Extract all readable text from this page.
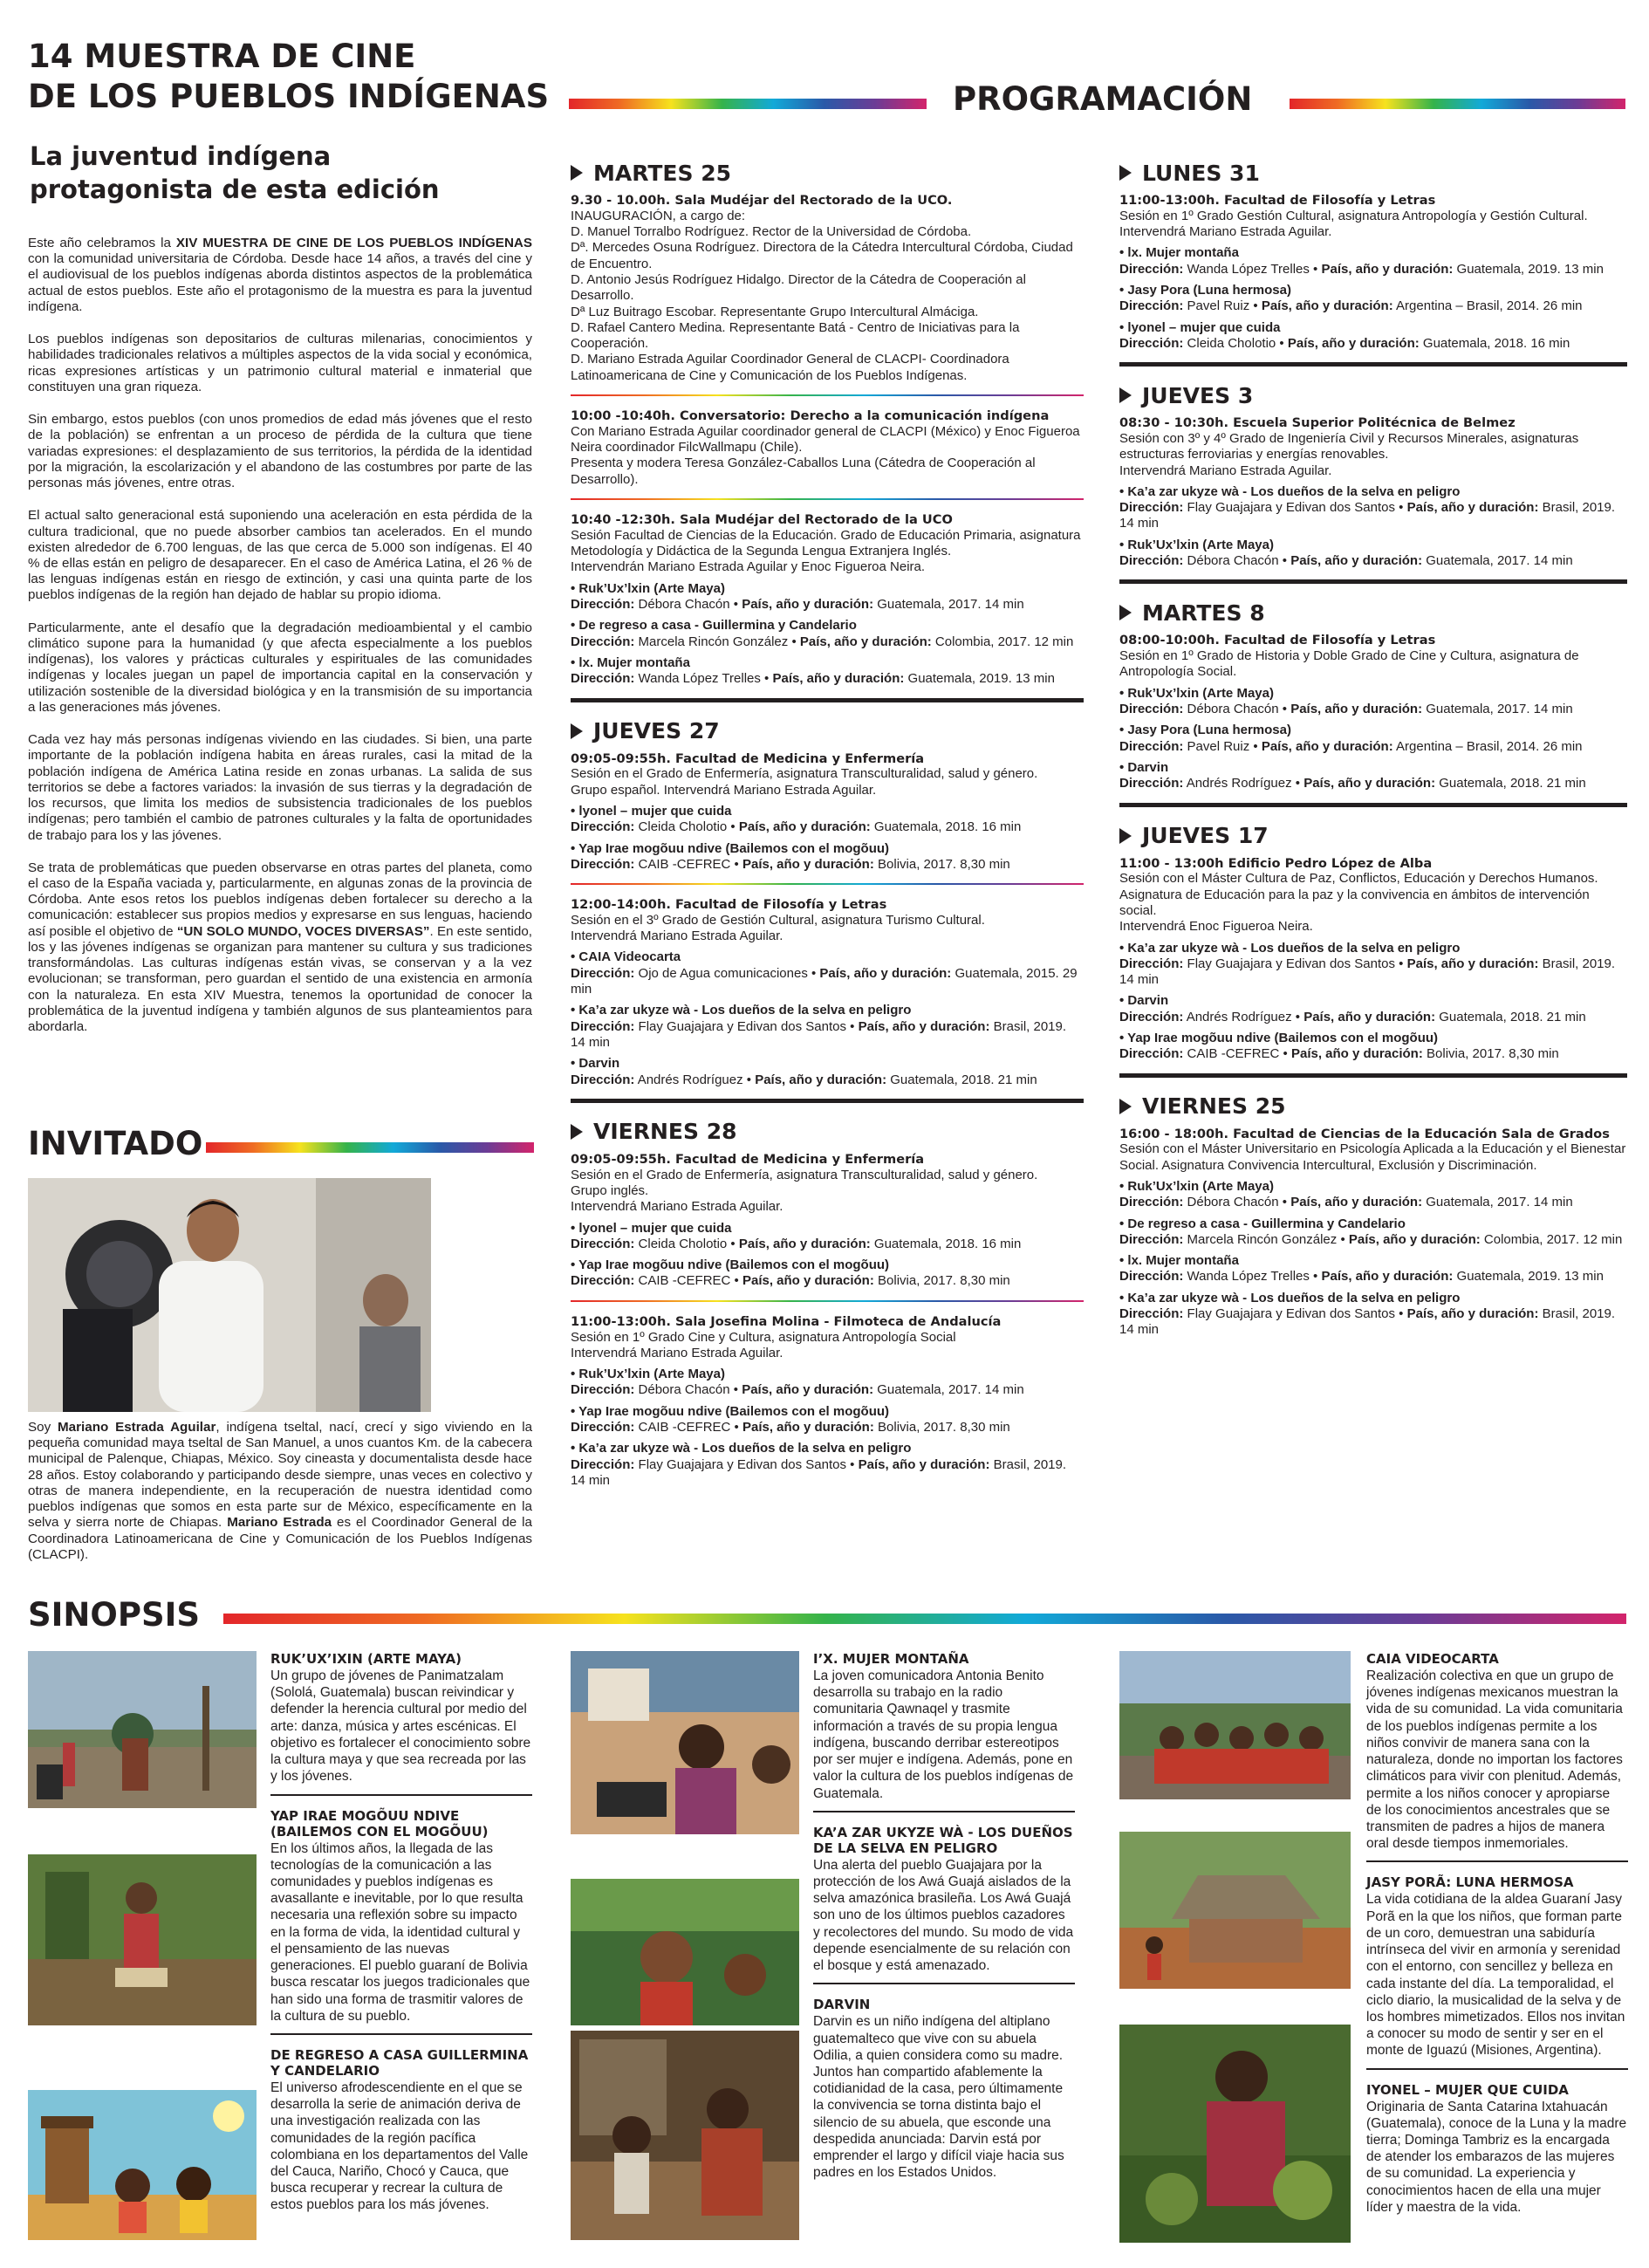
14 MUESTRA DE CINE
DE LOS PUEBLOS INDÍGENAS	PROGRAMACIÓN
La juventud indígena
protagonista de esta edición

Este año celebramos la XIV MUESTRA DE CINE DE LOS PUEBLOS INDÍGENAS con la comunidad universitaria de Córdoba. Desde hace 14 años, a través del cine y el audiovisual de los pueblos indígenas aborda distintos aspectos de la problemática actual de estos pueblos. Este año el protagonismo de la muestra es para la juventud indígena.

Los pueblos indígenas son depositarios de culturas milenarias, conocimientos y habilidades tradicionales relativos a múltiples aspectos de la vida social y económica, ricas expresiones artísticas y un patrimonio cultural material e inmaterial que constituyen una gran riqueza.

Sin embargo, estos pueblos (con unos promedios de edad más jóvenes que el resto de la población) se enfrentan a un proceso de pérdida de la cultura que tiene variadas expresiones: el desplazamiento de sus territorios, la pérdida de la identidad por la migración, la escolarización y el abandono de las costumbres por parte de las personas más jóvenes, entre otras.

El actual salto generacional está suponiendo una aceleración en esta pérdida de la cultura tradicional, que no puede absorber cambios tan acelerados. En el mundo existen alrededor de 6.700 lenguas, de las que cerca de 5.000 son indígenas. El 40 % de ellas están en peligro de desaparecer. En el caso de América Latina, el 26 % de las lenguas indígenas están en riesgo de extinción, y casi una quinta parte de los pueblos indígenas de la región han dejado de hablar su propio idioma.

Particularmente, ante el desafío que la degradación medioambiental y el cambio climático supone para la humanidad (y que afecta especialmente a los pueblos indígenas), los valores y prácticas culturales y espirituales de las comunidades indígenas y locales juegan un papel de importancia capital en la conservación y utilización sostenible de la diversidad biológica y en la transmisión de su importancia a las generaciones más jóvenes.

Cada vez hay más personas indígenas viviendo en las ciudades. Si bien, una parte importante de la población indígena habita en áreas rurales, casi la mitad de la población indígena de América Latina reside en zonas urbanas. La salida de sus territorios se debe a factores variados: la invasión de sus tierras y la degradación de los recursos, que limita los medios de subsistencia tradicionales de los pueblos indígenas; pero también el cambio de patrones culturales y la falta de oportunidades de trabajo para los y las jóvenes.

Se trata de problemáticas que pueden observarse en otras partes del planeta, como el caso de la España vaciada y, particularmente, en algunas zonas de la provincia de Córdoba. Ante esos retos los pueblos indígenas deben fortalecer su derecho a la comunicación: establecer sus propios medios y expresarse en sus lenguas, haciendo así posible el objetivo de “UN SOLO MUNDO, VOCES DIVERSAS”. En este sentido, los y las jóvenes indígenas se organizan para mantener su cultura y sus tradiciones transformándolas. Las culturas indígenas están vivas, se conservan y a la vez evolucionan; se transforman, pero guardan el sentido de una existencia en armonía con la naturaleza. En esta XIV Muestra, tenemos la oportunidad de conocer la problemática de la juventud indígena y también algunos de sus planteamientos para abordarla.

INVITADO

Soy Mariano Estrada Aguilar, indígena tseltal, nací, crecí y sigo viviendo en la pequeña comunidad maya tseltal de San Manuel, a unos cuantos Km. de la cabecera municipal de Palenque, Chiapas, México. Soy cineasta y documentalista desde hace 28 años. Estoy colaborando y participando desde siempre, unas veces en colectivo y otras de manera independiente, en la recuperación de nuestra identidad como pueblos indígenas que somos en esta parte sur de México, específicamente en la selva y sierra norte de Chiapas. Mariano Estrada es el Coordinador General de la Coordinadora Latinoamericana de Cine y Comunicación de los Pueblos Indígenas (CLACPI).

MARTES 25
9.30 - 10.00h. Sala Mudéjar del Rectorado de la UCO.
INAUGURACIÓN, a cargo de:
D. Manuel Torralbo Rodríguez. Rector de la Universidad de Córdoba.
Dª. Mercedes Osuna Rodríguez. Directora de la Cátedra Intercultural Córdoba, Ciudad de Encuentro.
D. Antonio Jesús Rodríguez Hidalgo. Director de la Cátedra de Cooperación al Desarrollo.
Dª Luz Buitrago Escobar. Representante Grupo Intercultural Almáciga.
D. Rafael Cantero Medina. Representante Batá - Centro de Iniciativas para la Cooperación.
D. Mariano Estrada Aguilar Coordinador General de CLACPI- Coordinadora Latinoamericana de Cine y Comunicación de los Pueblos Indígenas.
10:00 -10:40h. Conversatorio: Derecho a la comunicación indígena
Con Mariano Estrada Aguilar coordinador general de CLACPI (México) y Enoc Figueroa Neira coordinador FilcWallmapu (Chile).
Presenta y modera Teresa González-Caballos Luna (Cátedra de Cooperación al Desarrollo).
10:40 -12:30h. Sala Mudéjar del Rectorado de la UCO
Sesión Facultad de Ciencias de la Educación. Grado de Educación Primaria, asignatura Metodología y Didáctica de la Segunda Lengua Extranjera Inglés.
Intervendrán Mariano Estrada Aguilar y Enoc Figueroa Neira.
• Ruk’Ux’lxin (Arte Maya)
Dirección: Débora Chacón • País, año y duración: Guatemala, 2017. 14 min
• De regreso a casa - Guillermina y Candelario
Dirección: Marcela Rincón González • País, año y duración: Colombia, 2017. 12 min
• lx. Mujer montaña
Dirección: Wanda López Trelles • País, año y duración: Guatemala, 2019. 13 min
JUEVES 27
09:05-09:55h. Facultad de Medicina y Enfermería
Sesión en el Grado de Enfermería, asignatura Transculturalidad, salud y género.
Grupo español. Intervendrá Mariano Estrada Aguilar.
• lyonel – mujer que cuida
Dirección: Cleida Cholotio • País, año y duración: Guatemala, 2018. 16 min
• Yap Irae mogõuu ndive (Bailemos con el mogõuu)
Dirección: CAIB -CEFREC • País, año y duración: Bolivia, 2017. 8,30 min
12:00-14:00h. Facultad de Filosofía y Letras
Sesión en el 3º Grado de Gestión Cultural, asignatura Turismo Cultural.
Intervendrá Mariano Estrada Aguilar.
• CAIA Videocarta
Dirección: Ojo de Agua comunicaciones • País, año y duración: Guatemala, 2015. 29 min
• Ka’a zar ukyze wà - Los dueños de la selva en peligro
Dirección: Flay Guajajara y Edivan dos Santos • País, año y duración: Brasil, 2019. 14 min
• Darvin
Dirección: Andrés Rodríguez • País, año y duración: Guatemala, 2018. 21 min
VIERNES 28
09:05-09:55h. Facultad de Medicina y Enfermería
Sesión en el Grado de Enfermería, asignatura Transculturalidad, salud y género.
Grupo inglés.
Intervendrá Mariano Estrada Aguilar.
• lyonel – mujer que cuida
Dirección: Cleida Cholotio • País, año y duración: Guatemala, 2018. 16 min
• Yap Irae mogõuu ndive (Bailemos con el mogõuu)
Dirección: CAIB -CEFREC • País, año y duración: Bolivia, 2017. 8,30 min
11:00-13:00h. Sala Josefina Molina - Filmoteca de Andalucía
Sesión en 1º Grado Cine y Cultura, asignatura Antropología Social
Intervendrá Mariano Estrada Aguilar.
• Ruk’Ux’lxin (Arte Maya)
Dirección: Débora Chacón • País, año y duración: Guatemala, 2017. 14 min
• Yap Irae mogõuu ndive (Bailemos con el mogõuu)
Dirección: CAIB -CEFREC • País, año y duración: Bolivia, 2017. 8,30 min
• Ka’a zar ukyze wà - Los dueños de la selva en peligro
Dirección: Flay Guajajara y Edivan dos Santos • País, año y duración: Brasil, 2019. 14 min
LUNES 31
11:00-13:00h. Facultad de Filosofía y Letras
Sesión en 1º Grado Gestión Cultural, asignatura Antropología y Gestión Cultural.
Intervendrá Mariano Estrada Aguilar.
• lx. Mujer montaña
Dirección: Wanda López Trelles • País, año y duración: Guatemala, 2019. 13 min
• Jasy Pora (Luna hermosa)
Dirección: Pavel Ruiz • País, año y duración: Argentina – Brasil, 2014. 26 min
• lyonel – mujer que cuida
Dirección: Cleida Cholotio • País, año y duración: Guatemala, 2018. 16 min
JUEVES 3
08:30 - 10:30h. Escuela Superior Politécnica de Belmez
Sesión con 3º y 4º Grado de Ingeniería Civil y Recursos Minerales, asignaturas estructuras ferroviarias y energías renovables.
Intervendrá Mariano Estrada Aguilar.
• Ka’a zar ukyze wà - Los dueños de la selva en peligro
Dirección: Flay Guajajara y Edivan dos Santos • País, año y duración: Brasil, 2019. 14 min
• Ruk’Ux’lxin (Arte Maya)
Dirección: Débora Chacón • País, año y duración: Guatemala, 2017. 14 min
MARTES 8
08:00-10:00h. Facultad de Filosofía y Letras
Sesión en 1º Grado de Historia y Doble Grado de Cine y Cultura, asignatura de Antropología Social.
• Ruk’Ux’lxin (Arte Maya)
Dirección: Débora Chacón • País, año y duración: Guatemala, 2017. 14 min
• Jasy Pora (Luna hermosa)
Dirección: Pavel Ruiz • País, año y duración: Argentina – Brasil, 2014. 26 min
• Darvin
Dirección: Andrés Rodríguez • País, año y duración: Guatemala, 2018. 21 min
JUEVES 17
11:00 - 13:00h Edificio Pedro López de Alba
Sesión con el Máster Cultura de Paz, Conflictos, Educación y Derechos Humanos.
Asignatura de Educación para la paz y la convivencia en ámbitos de intervención social.
Intervendrá Enoc Figueroa Neira.
• Ka’a zar ukyze wà - Los dueños de la selva en peligro
Dirección: Flay Guajajara y Edivan dos Santos • País, año y duración: Brasil, 2019. 14 min
• Darvin
Dirección: Andrés Rodríguez • País, año y duración: Guatemala, 2018. 21 min
• Yap Irae mogõuu ndive (Bailemos con el mogõuu)
Dirección: CAIB -CEFREC • País, año y duración: Bolivia, 2017. 8,30 min
VIERNES 25
16:00 - 18:00h. Facultad de Ciencias de la Educación Sala de Grados
Sesión con el Máster Universitario en Psicología Aplicada a la Educación y el Bienestar Social. Asignatura Convivencia Intercultural, Exclusión y Discriminación.
• Ruk’Ux’lxin (Arte Maya)
Dirección: Débora Chacón • País, año y duración: Guatemala, 2017. 14 min
• De regreso a casa - Guillermina y Candelario
Dirección: Marcela Rincón González • País, año y duración: Colombia, 2017. 12 min
• lx. Mujer montaña
Dirección: Wanda López Trelles • País, año y duración: Guatemala, 2019. 13 min
• Ka’a zar ukyze wà - Los dueños de la selva en peligro
Dirección: Flay Guajajara y Edivan dos Santos • País, año y duración: Brasil, 2019. 14 min
SINOPSIS
RUK’UX’IXIN (ARTE MAYA)
Un grupo de jóvenes de Panimatzalam (Sololá, Guatemala) buscan reivindicar y defender la herencia cultural por medio del arte: danza, música y artes escénicas. El objetivo es fortalecer el conocimiento sobre la cultura maya y que sea recreada por las y los jóvenes.
YAP IRAE MOGÕUU NDIVE (BAILEMOS CON EL MOGÕUU)
En los últimos años, la llegada de las tecnologías de la comunicación a las comunidades y pueblos indígenas es avasallante e inevitable, por lo que resulta necesaria una reflexión sobre su impacto en la forma de vida, la identidad cultural y el pensamiento de las nuevas generaciones. El pueblo guaraní de Bolivia busca rescatar los juegos tradicionales que han sido una forma de trasmitir valores de la cultura de su pueblo.
DE REGRESO A CASA GUILLERMINA Y CANDELARIO
El universo afrodescendiente en el que se desarrolla la serie de animación deriva de una investigación realizada con las comunidades de la región pacífica colombiana en los departamentos del Valle del Cauca, Nariño, Chocó y Cauca, que busca recuperar y recrear la cultura de estos pueblos para los más jóvenes.
I’X. MUJER MONTAÑA
La joven comunicadora Antonia Benito desarrolla su trabajo en la radio comunitaria Qawnaqel y trasmite información a través de su propia lengua indígena, buscando derribar estereotipos por ser mujer e indígena. Además, pone en valor la cultura de los pueblos indígenas de Guatemala.
KA’A ZAR UKYZE WÀ - LOS DUEÑOS DE LA SELVA EN PELIGRO
Una alerta del pueblo Guajajara por la protección de los Awá Guajá aislados de la selva amazónica brasileña. Los Awá Guajá son uno de los últimos pueblos cazadores y recolectores del mundo. Su modo de vida depende esencialmente de su relación con el bosque y está amenazado.
DARVIN
Darvin es un niño indígena del altiplano guatemalteco que vive con su abuela Odilia, a quien considera como su madre. Juntos han compartido afablemente la cotidianidad de la casa, pero últimamente la convivencia se torna distinta bajo el silencio de su abuela, que esconde una despedida anunciada: Darvin está por emprender el largo y difícil viaje hacia sus padres en los Estados Unidos.
CAIA VIDEOCARTA
Realización colectiva en que un grupo de jóvenes indígenas mexicanos muestran la vida de su comunidad. La vida comunitaria de los pueblos indígenas permite a los niños convivir de manera sana con la naturaleza, donde no importan los factores climáticos para vivir con plenitud. Además, permite a los niños conocer y apropiarse de los conocimientos ancestrales que se transmiten de padres a hijos de manera oral desde tiempos inmemoriales.
JASY PORÃ: LUNA HERMOSA
La vida cotidiana de la aldea Guaraní Jasy Porã en la que los niños, que forman parte de un coro, demuestran una sabiduría intrínseca del vivir en armonía y serenidad con el entorno, con sencillez y belleza en cada instante del día. La temporalidad, el ciclo diario, la musicalidad de la selva y de los hombres mimetizados. Ellos nos invitan a conocer su modo de sentir y ser en el monte de Iguazú (Misiones, Argentina).
IYONEL – MUJER QUE CUIDA
Originaria de Santa Catarina Ixtahuacán (Guatemala), conoce de la Luna y la madre tierra; Dominga Tambriz es la encargada de atender los embarazos de las mujeres de su comunidad. La experiencia y conocimientos hacen de ella una mujer líder y maestra de la vida.
